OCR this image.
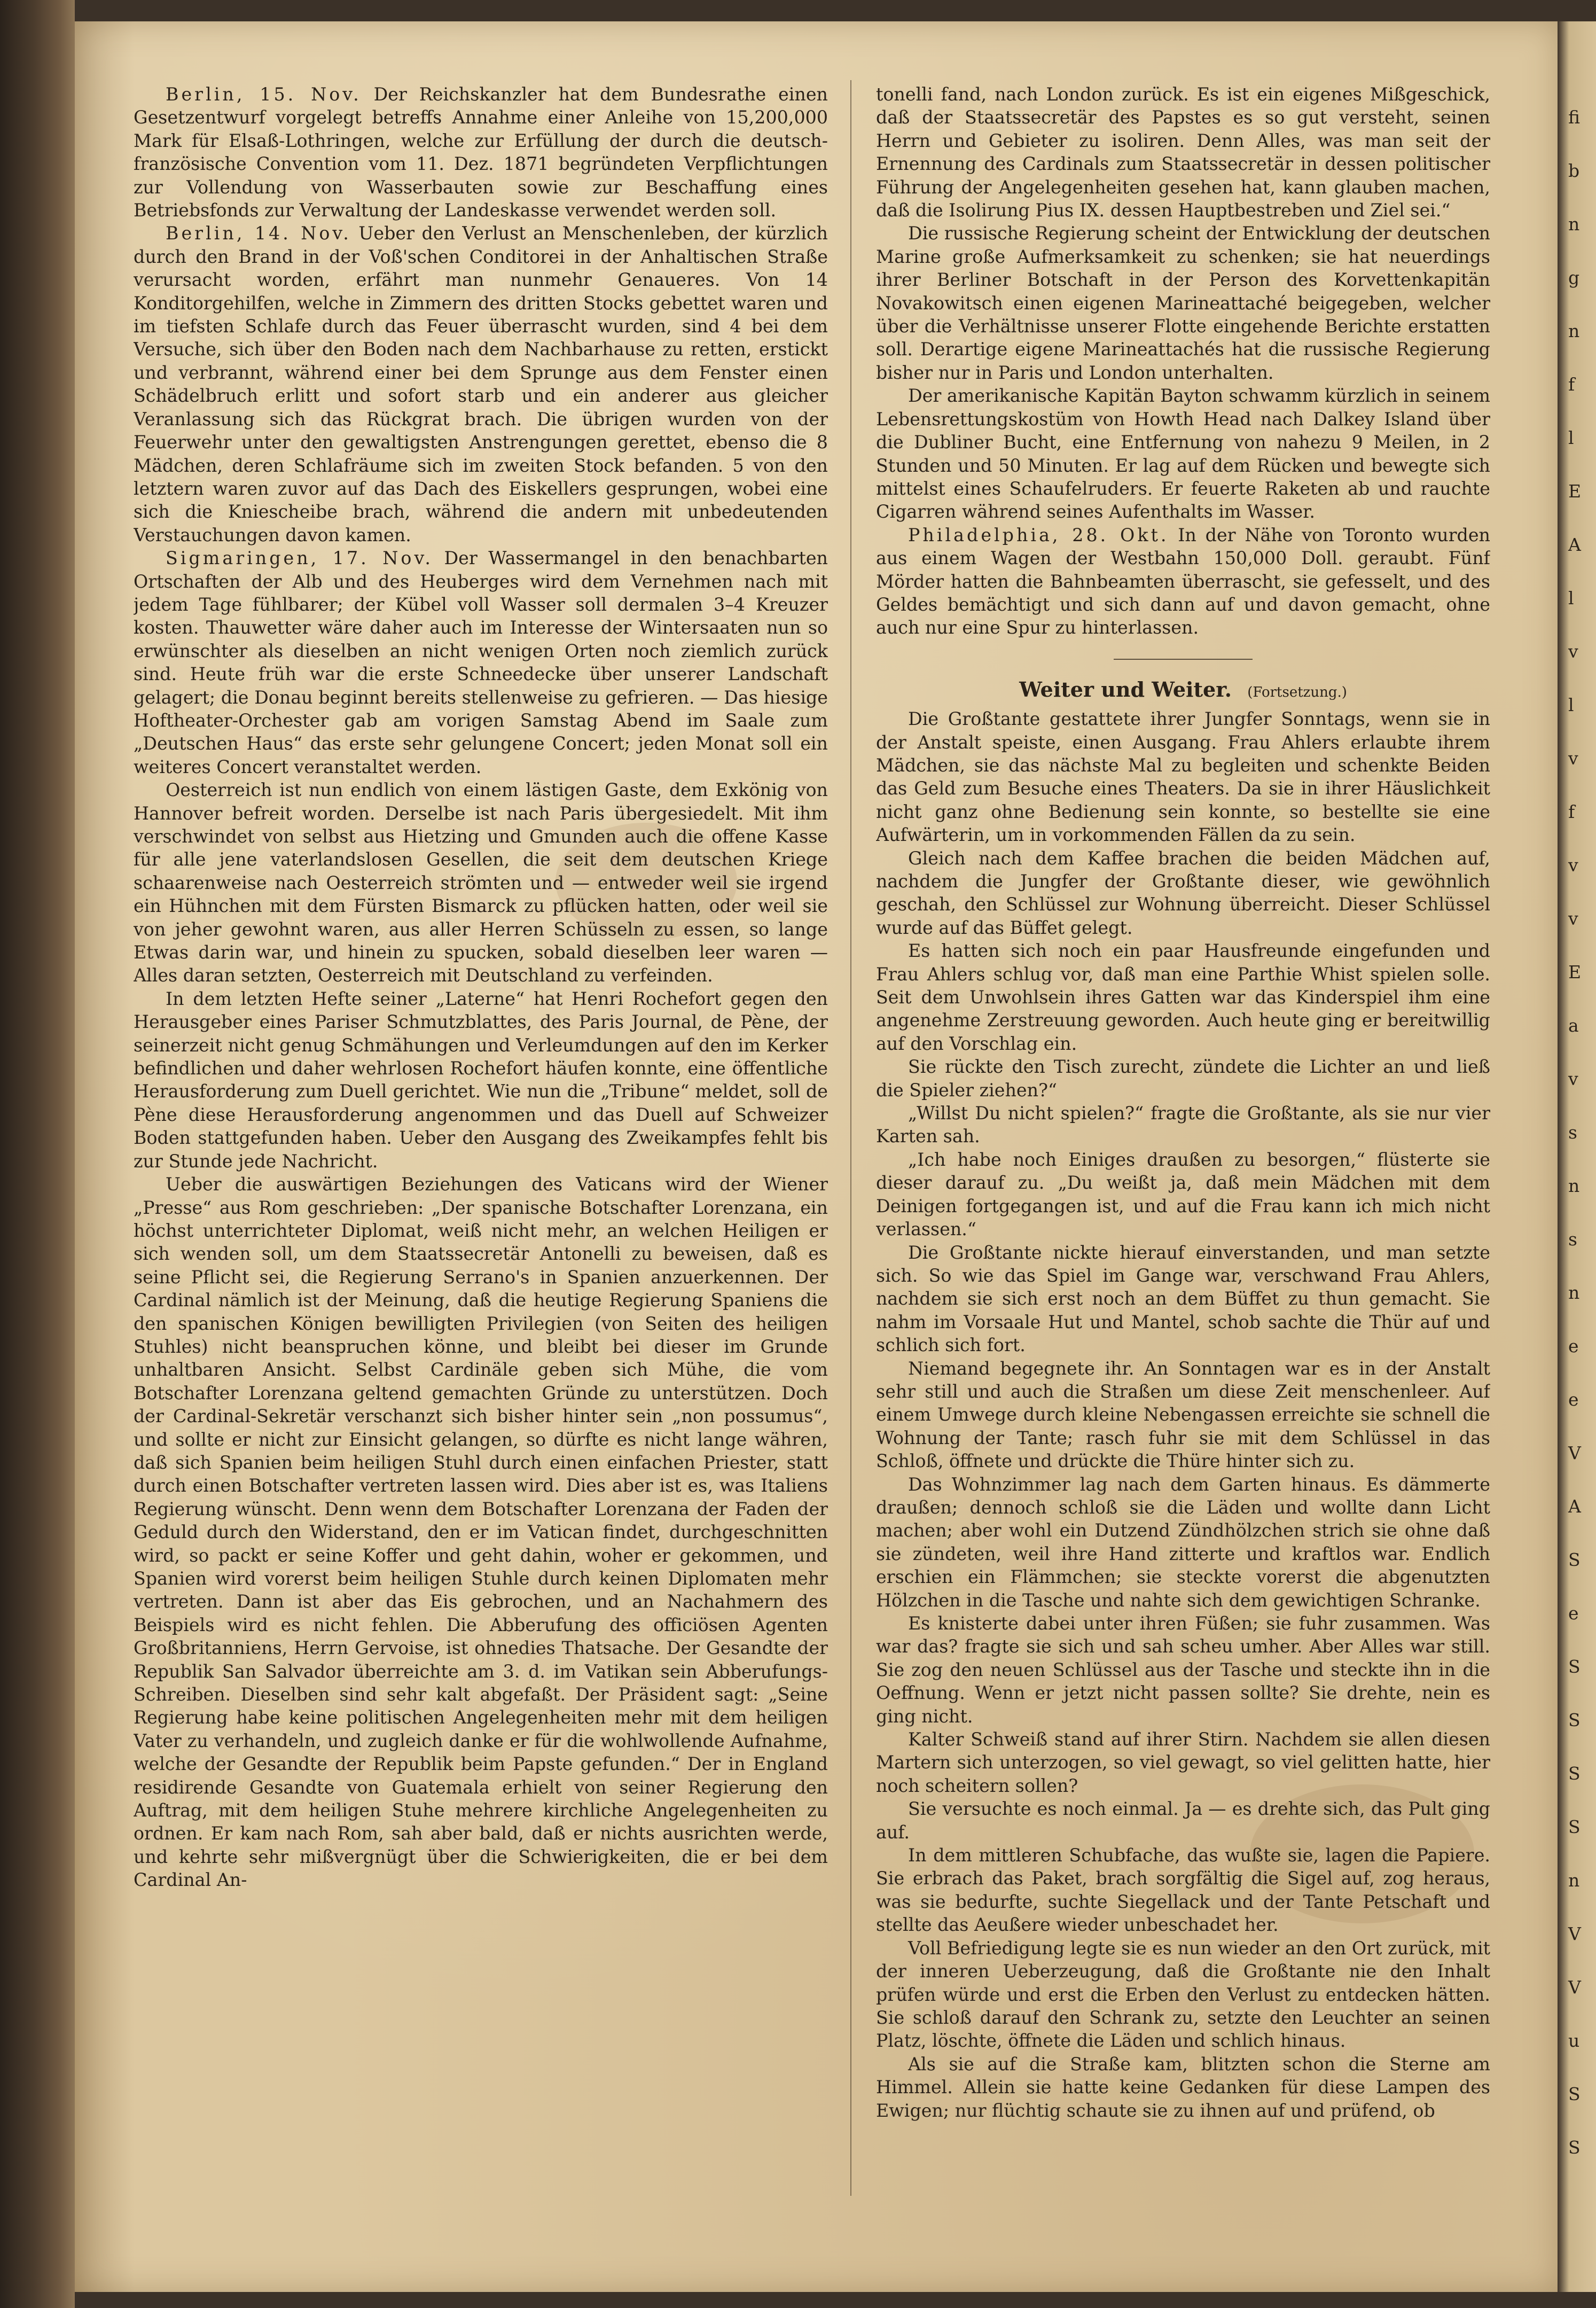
Berlin, 15. Nov. Der Reichskanzler hat dem Bundesrathe einen Gesetzentwurf vorgelegt betreffs Annahme einer Anleihe von 15,200,000 Mark für Elsaß-Lothringen, welche zur Erfüllung der durch die deutsch-französische Convention vom 11. Dez. 1871 begründeten Verpflichtungen zur Vollendung von Wasserbauten sowie zur Beschaffung eines Betriebsfonds zur Verwaltung der Landeskasse verwendet werden soll.

Berlin, 14. Nov. Ueber den Verlust an Menschenleben, der kürzlich durch den Brand in der Voß'schen Conditorei in der Anhaltischen Straße verursacht worden, erfährt man nunmehr Genaueres. Von 14 Konditorgehilfen, welche in Zimmern des dritten Stocks gebettet waren und im tiefsten Schlafe durch das Feuer überrascht wurden, sind 4 bei dem Versuche, sich über den Boden nach dem Nachbarhause zu retten, erstickt und verbrannt, während einer bei dem Sprunge aus dem Fenster einen Schädelbruch erlitt und sofort starb und ein anderer aus gleicher Veranlassung sich das Rückgrat brach. Die übrigen wurden von der Feuerwehr unter den gewaltigsten Anstrengungen gerettet, ebenso die 8 Mädchen, deren Schlafräume sich im zweiten Stock befanden. 5 von den letztern waren zuvor auf das Dach des Eiskellers gesprungen, wobei eine sich die Kniescheibe brach, während die andern mit unbedeutenden Verstauchungen davon kamen.

Sigmaringen, 17. Nov. Der Wassermangel in den benachbarten Ortschaften der Alb und des Heuberges wird dem Vernehmen nach mit jedem Tage fühlbarer; der Kübel voll Wasser soll dermalen 3–4 Kreuzer kosten. Thauwetter wäre daher auch im Interesse der Wintersaaten nun so erwünschter als dieselben an nicht wenigen Orten noch ziemlich zurück sind. Heute früh war die erste Schneedecke über unserer Landschaft gelagert; die Donau beginnt bereits stellenweise zu gefrieren. — Das hiesige Hoftheater-Orchester gab am vorigen Samstag Abend im Saale zum „Deutschen Haus“ das erste sehr gelungene Concert; jeden Monat soll ein weiteres Concert veranstaltet werden.

Oesterreich ist nun endlich von einem lästigen Gaste, dem Exkönig von Hannover befreit worden. Derselbe ist nach Paris übergesiedelt. Mit ihm verschwindet von selbst aus Hietzing und Gmunden auch die offene Kasse für alle jene vaterlandslosen Gesellen, die seit dem deutschen Kriege schaarenweise nach Oesterreich strömten und — entweder weil sie irgend ein Hühnchen mit dem Fürsten Bismarck zu pflücken hatten, oder weil sie von jeher gewohnt waren, aus aller Herren Schüsseln zu essen, so lange Etwas darin war, und hinein zu spucken, sobald dieselben leer waren — Alles daran setzten, Oesterreich mit Deutschland zu verfeinden.

In dem letzten Hefte seiner „Laterne“ hat Henri Rochefort gegen den Herausgeber eines Pariser Schmutzblattes, des Paris Journal, de Pène, der seinerzeit nicht genug Schmähungen und Verleumdungen auf den im Kerker befindlichen und daher wehrlosen Rochefort häufen konnte, eine öffentliche Herausforderung zum Duell gerichtet. Wie nun die „Tribune“ meldet, soll de Pène diese Herausforderung angenommen und das Duell auf Schweizer Boden stattgefunden haben. Ueber den Ausgang des Zweikampfes fehlt bis zur Stunde jede Nachricht.

Ueber die auswärtigen Beziehungen des Vaticans wird der Wiener „Presse“ aus Rom geschrieben: „Der spanische Botschafter Lorenzana, ein höchst unterrichteter Diplomat, weiß nicht mehr, an welchen Heiligen er sich wenden soll, um dem Staatssecretär Antonelli zu beweisen, daß es seine Pflicht sei, die Regierung Serrano's in Spanien anzuerkennen. Der Cardinal nämlich ist der Meinung, daß die heutige Regierung Spaniens die den spanischen Königen bewilligten Privilegien (von Seiten des heiligen Stuhles) nicht beanspruchen könne, und bleibt bei dieser im Grunde unhaltbaren Ansicht. Selbst Cardinäle geben sich Mühe, die vom Botschafter Lorenzana geltend gemachten Gründe zu unterstützen. Doch der Cardinal-Sekretär verschanzt sich bisher hinter sein „non possumus“, und sollte er nicht zur Einsicht gelangen, so dürfte es nicht lange währen, daß sich Spanien beim heiligen Stuhl durch einen einfachen Priester, statt durch einen Botschafter vertreten lassen wird. Dies aber ist es, was Italiens Regierung wünscht. Denn wenn dem Botschafter Lorenzana der Faden der Geduld durch den Widerstand, den er im Vatican findet, durchgeschnitten wird, so packt er seine Koffer und geht dahin, woher er gekommen, und Spanien wird vorerst beim heiligen Stuhle durch keinen Diplomaten mehr vertreten. Dann ist aber das Eis gebrochen, und an Nachahmern des Beispiels wird es nicht fehlen. Die Abberufung des officiösen Agenten Großbritanniens, Herrn Gervoise, ist ohnedies Thatsache. Der Gesandte der Republik San Salvador überreichte am 3. d. im Vatikan sein Abberufungs-Schreiben. Dieselben sind sehr kalt abgefaßt. Der Präsident sagt: „Seine Regierung habe keine politischen Angelegenheiten mehr mit dem heiligen Vater zu verhandeln, und zugleich danke er für die wohlwollende Aufnahme, welche der Gesandte der Republik beim Papste gefunden.“ Der in England residirende Gesandte von Guatemala erhielt von seiner Regierung den Auftrag, mit dem heiligen Stuhe mehrere kirchliche Angelegenheiten zu ordnen. Er kam nach Rom, sah aber bald, daß er nichts ausrichten werde, und kehrte sehr mißvergnügt über die Schwierigkeiten, die er bei dem Cardinal An-

tonelli fand, nach London zurück. Es ist ein eigenes Mißgeschick, daß der Staatssecretär des Papstes es so gut versteht, seinen Herrn und Gebieter zu isoliren. Denn Alles, was man seit der Ernennung des Cardinals zum Staatssecretär in dessen politischer Führung der Angelegenheiten gesehen hat, kann glauben machen, daß die Isolirung Pius IX. dessen Hauptbestreben und Ziel sei.“

Die russische Regierung scheint der Entwicklung der deutschen Marine große Aufmerksamkeit zu schenken; sie hat neuerdings ihrer Berliner Botschaft in der Person des Korvettenkapitän Novakowitsch einen eigenen Marineattaché beigegeben, welcher über die Verhältnisse unserer Flotte eingehende Berichte erstatten soll. Derartige eigene Marineattachés hat die russische Regierung bisher nur in Paris und London unterhalten.

Der amerikanische Kapitän Bayton schwamm kürzlich in seinem Lebensrettungskostüm von Howth Head nach Dalkey Island über die Dubliner Bucht, eine Entfernung von nahezu 9 Meilen, in 2 Stunden und 50 Minuten. Er lag auf dem Rücken und bewegte sich mittelst eines Schaufelruders. Er feuerte Raketen ab und rauchte Cigarren während seines Aufenthalts im Wasser.

Philadelphia, 28. Okt. In der Nähe von Toronto wurden aus einem Wagen der Westbahn 150,000 Doll. geraubt. Fünf Mörder hatten die Bahnbeamten überrascht, sie gefesselt, und des Geldes bemächtigt und sich dann auf und davon gemacht, ohne auch nur eine Spur zu hinterlassen.

Weiter und Weiter. (Fortsetzung.)

Die Großtante gestattete ihrer Jungfer Sonntags, wenn sie in der Anstalt speiste, einen Ausgang. Frau Ahlers erlaubte ihrem Mädchen, sie das nächste Mal zu begleiten und schenkte Beiden das Geld zum Besuche eines Theaters. Da sie in ihrer Häuslichkeit nicht ganz ohne Bedienung sein konnte, so bestellte sie eine Aufwärterin, um in vorkommenden Fällen da zu sein.

Gleich nach dem Kaffee brachen die beiden Mädchen auf, nachdem die Jungfer der Großtante dieser, wie gewöhnlich geschah, den Schlüssel zur Wohnung überreicht. Dieser Schlüssel wurde auf das Büffet gelegt.

Es hatten sich noch ein paar Hausfreunde eingefunden und Frau Ahlers schlug vor, daß man eine Parthie Whist spielen solle. Seit dem Unwohlsein ihres Gatten war das Kinderspiel ihm eine angenehme Zerstreuung geworden. Auch heute ging er bereitwillig auf den Vorschlag ein.

Sie rückte den Tisch zurecht, zündete die Lichter an und ließ die Spieler ziehen?“

„Willst Du nicht spielen?“ fragte die Großtante, als sie nur vier Karten sah.

„Ich habe noch Einiges draußen zu besorgen,“ flüsterte sie dieser darauf zu. „Du weißt ja, daß mein Mädchen mit dem Deinigen fortgegangen ist, und auf die Frau kann ich mich nicht verlassen.“

Die Großtante nickte hierauf einverstanden, und man setzte sich. So wie das Spiel im Gange war, verschwand Frau Ahlers, nachdem sie sich erst noch an dem Büffet zu thun gemacht. Sie nahm im Vorsaale Hut und Mantel, schob sachte die Thür auf und schlich sich fort.

Niemand begegnete ihr. An Sonntagen war es in der Anstalt sehr still und auch die Straßen um diese Zeit menschenleer. Auf einem Umwege durch kleine Nebengassen erreichte sie schnell die Wohnung der Tante; rasch fuhr sie mit dem Schlüssel in das Schloß, öffnete und drückte die Thüre hinter sich zu.

Das Wohnzimmer lag nach dem Garten hinaus. Es dämmerte draußen; dennoch schloß sie die Läden und wollte dann Licht machen; aber wohl ein Dutzend Zündhölzchen strich sie ohne daß sie zündeten, weil ihre Hand zitterte und kraftlos war. Endlich erschien ein Flämmchen; sie steckte vorerst die abgenutzten Hölzchen in die Tasche und nahte sich dem gewichtigen Schranke.

Es knisterte dabei unter ihren Füßen; sie fuhr zusammen. Was war das? fragte sie sich und sah scheu umher. Aber Alles war still. Sie zog den neuen Schlüssel aus der Tasche und steckte ihn in die Oeffnung. Wenn er jetzt nicht passen sollte? Sie drehte, nein es ging nicht.

Kalter Schweiß stand auf ihrer Stirn. Nachdem sie allen diesen Martern sich unterzogen, so viel gewagt, so viel gelitten hatte, hier noch scheitern sollen?

Sie versuchte es noch einmal. Ja — es drehte sich, das Pult ging auf.

In dem mittleren Schubfache, das wußte sie, lagen die Papiere. Sie erbrach das Paket, brach sorgfältig die Sigel auf, zog heraus, was sie bedurfte, suchte Siegellack und der Tante Petschaft und stellte das Aeußere wieder unbeschadet her.

Voll Befriedigung legte sie es nun wieder an den Ort zurück, mit der inneren Ueberzeugung, daß die Großtante nie den Inhalt prüfen würde und erst die Erben den Verlust zu entdecken hätten. Sie schloß darauf den Schrank zu, setzte den Leuchter an seinen Platz, löschte, öffnete die Läden und schlich hinaus.

Als sie auf die Straße kam, blitzten schon die Sterne am Himmel. Allein sie hatte keine Gedanken für diese Lampen des Ewigen; nur flüchtig schaute sie zu ihnen auf und prüfend, ob

fi
b
n
g
n
f
l
E
A
l
v
l
v
f
v
v
E
a
v
s
n
s
n
e
e
V
A
S
e
S
S
S
S
n
V
V
u
S
S
